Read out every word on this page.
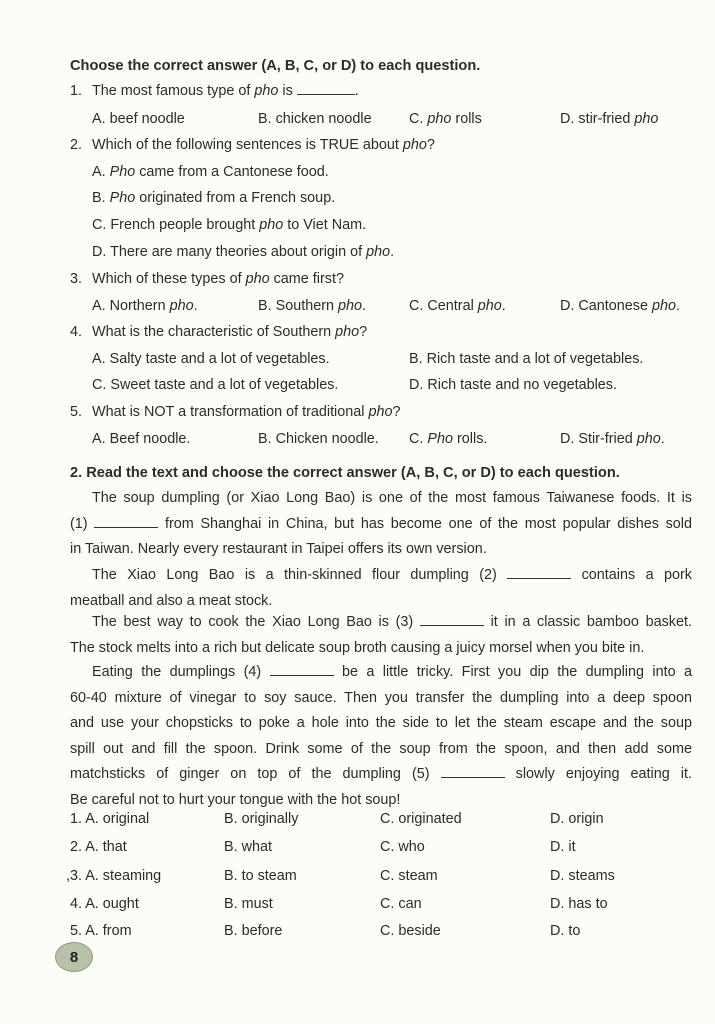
Choose the correct answer (A, B, C, or D) to each question.
1. The most famous type of pho is	.
A. beef noodle	B. chicken noodle	C. pho rolls	D. stir-fried pho
2. Which of the following sentences is TRUE about pho?
A. Pho came from a Cantonese food.
B. Pho originated from a French soup.
C. French people brought pho to Viet Nam.
D. There are many theories about origin of pho.
3. Which of these types of pho came first?
A. Northern pho.	B. Southern pho.	C. Central pho.	D. Cantonese pho.
4. What is the characteristic of Southern pho?
A. Salty taste and a lot of vegetables.	B. Rich taste and a lot of vegetables.
C. Sweet taste and a lot of vegetables.	D. Rich taste and no vegetables.
5. What is NOT a transformation of traditional pho?
A. Beef noodle.	B. Chicken noodle. C. Pho rolls.	D. Stir-fried pho.
2. Read the text and choose the correct answer (A, B, C, or D) to each question.
The soup dumpling (or Xiao Long Bao) is one of the most famous Taiwanese foods. It is
(1)	from Shanghai in China, but has become one of the most popular dishes sold
in Taiwan. Nearly every restaurant in Taipei offers its own version.
The Xiao Long Bao is a thin-skinned flour dumpling (2)	contains a pork
meatball and also a meat stock.
The best way to cook the Xiao Long Bao is (3)	it in a classic bamboo basket.
The stock melts into a rich but delicate soup broth causing a juicy morsel when you bite in.
Eating the dumplings (4)	be a little tricky. First you dip the dumpling into a
60-40 mixture of vinegar to soy sauce. Then you transfer the dumpling into a deep spoon
and use your chopsticks to poke a hole into the side to let the steam escape and the soup
spill out and fill the spoon. Drink some of the soup from the spoon, and then add some
matchsticks of ginger on top of the dumpling (5)	slowly enjoying eating it.
Be careful not to hurt your tongue with the hot soup!
1. A. original	B. originally	C. originated	D. origin
2. A. that	B. what	C. who	D. it
,3. A. steaming	B. to steam	C. steam	D. steams
4. A. ought	B. must	C. can	D. has to
5. A. from	B. before	C. beside	D. to
8
